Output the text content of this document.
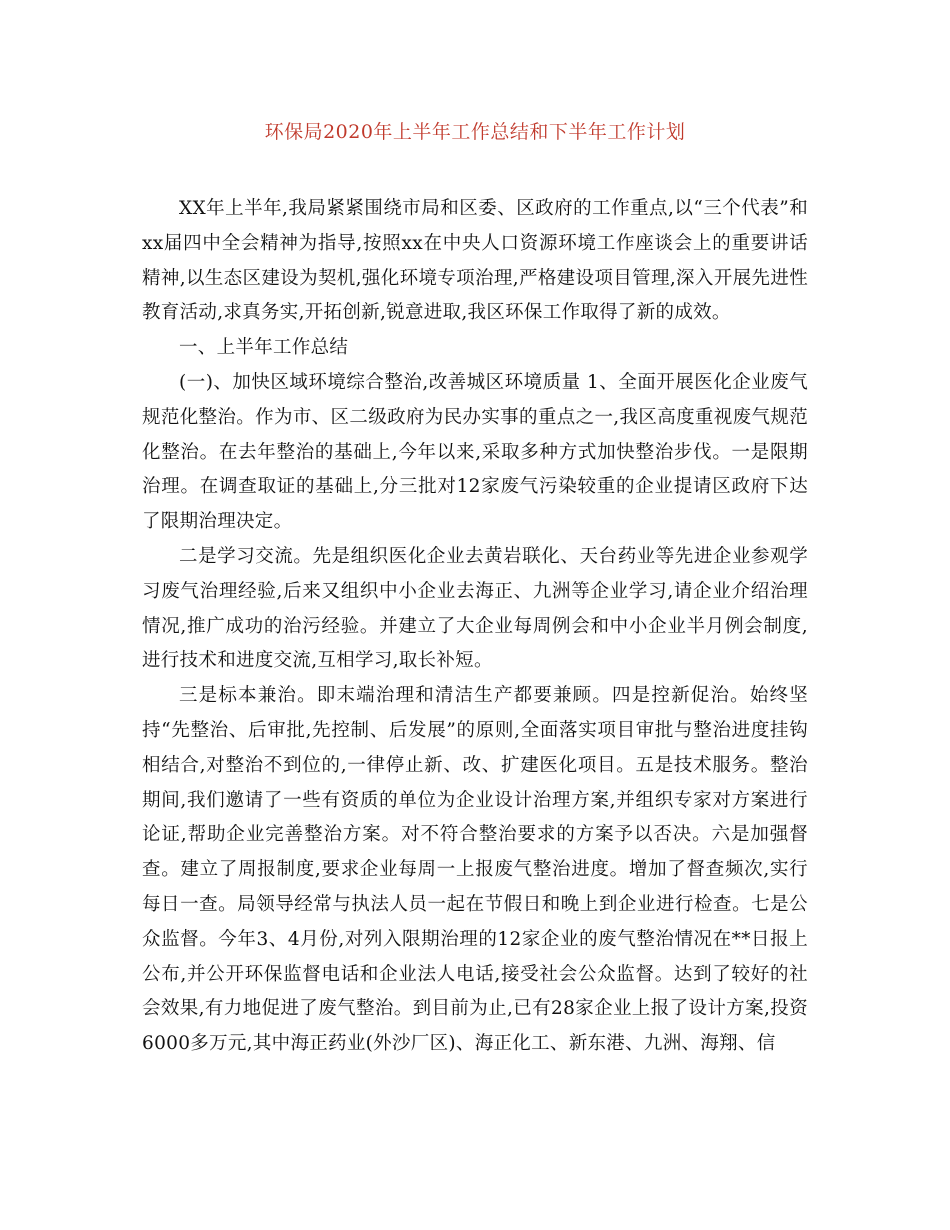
环保局2020年上半年工作总结和下半年工作计划

XX年上半年,我局紧紧围绕市局和区委、区政府的工作重点,以“三个代表”和xx届四中全会精神为指导,按照xx在中央人口资源环境工作座谈会上的重要讲话精神,以生态区建设为契机,强化环境专项治理,严格建设项目管理,深入开展先进性教育活动,求真务实,开拓创新,锐意进取,我区环保工作取得了新的成效。

一、上半年工作总结

(一)、加快区域环境综合整治,改善城区环境质量 1、全面开展医化企业废气规范化整治。作为市、区二级政府为民办实事的重点之一,我区高度重视废气规范化整治。在去年整治的基础上,今年以来,采取多种方式加快整治步伐。一是限期治理。在调查取证的基础上,分三批对12家废气污染较重的企业提请区政府下达了限期治理决定。

二是学习交流。先是组织医化企业去黄岩联化、天台药业等先进企业参观学习废气治理经验,后来又组织中小企业去海正、九洲等企业学习,请企业介绍治理情况,推广成功的治污经验。并建立了大企业每周例会和中小企业半月例会制度,进行技术和进度交流,互相学习,取长补短。

三是标本兼治。即末端治理和清洁生产都要兼顾。四是控新促治。始终坚持“先整治、后审批,先控制、后发展”的原则,全面落实项目审批与整治进度挂钩相结合,对整治不到位的,一律停止新、改、扩建医化项目。五是技术服务。整治期间,我们邀请了一些有资质的单位为企业设计治理方案,并组织专家对方案进行论证,帮助企业完善整治方案。对不符合整治要求的方案予以否决。六是加强督查。建立了周报制度,要求企业每周一上报废气整治进度。增加了督查频次,实行每日一查。局领导经常与执法人员一起在节假日和晚上到企业进行检查。七是公众监督。今年3、4月份,对列入限期治理的12家企业的废气整治情况在**日报上公布,并公开环保监督电话和企业法人电话,接受社会公众监督。达到了较好的社会效果,有力地促进了废气整治。到目前为止,已有28家企业上报了设计方案,投资6000多万元,其中海正药业(外沙厂区)、海正化工、新东港、九洲、海翔、信
